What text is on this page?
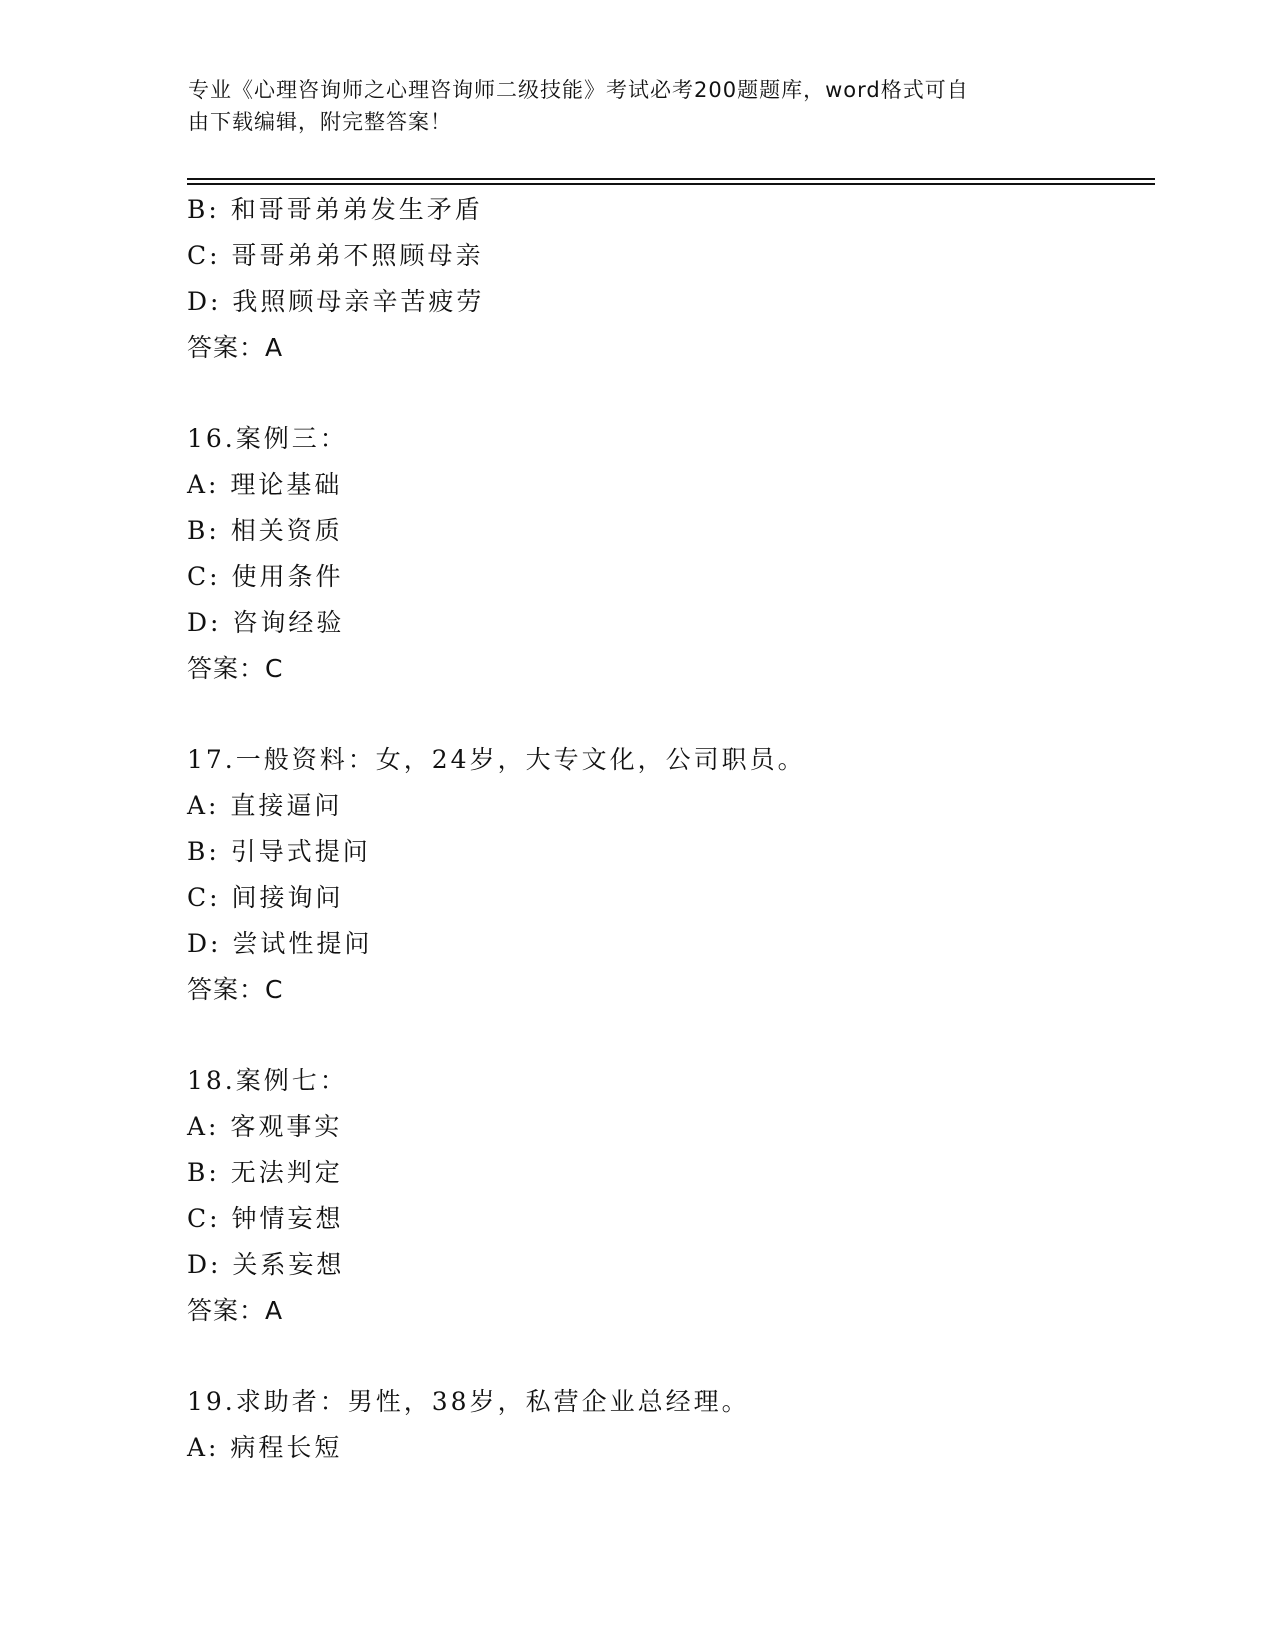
专业《心理咨询师之心理咨询师二级技能》考试必考200题题库，word格式可自
由下载编辑，附完整答案！
B: 和哥哥弟弟发生矛盾
C: 哥哥弟弟不照顾母亲
D: 我照顾母亲辛苦疲劳
答案：A
16.案例三：
A: 理论基础
B: 相关资质
C: 使用条件
D: 咨询经验
答案：C
17.一般资料：女，24岁，大专文化，公司职员。
A: 直接逼问
B: 引导式提问
C: 间接询问
D: 尝试性提问
答案：C
18.案例七：
A: 客观事实
B: 无法判定
C: 钟情妄想
D: 关系妄想
答案：A
19.求助者：男性，38岁，私营企业总经理。
A: 病程长短
